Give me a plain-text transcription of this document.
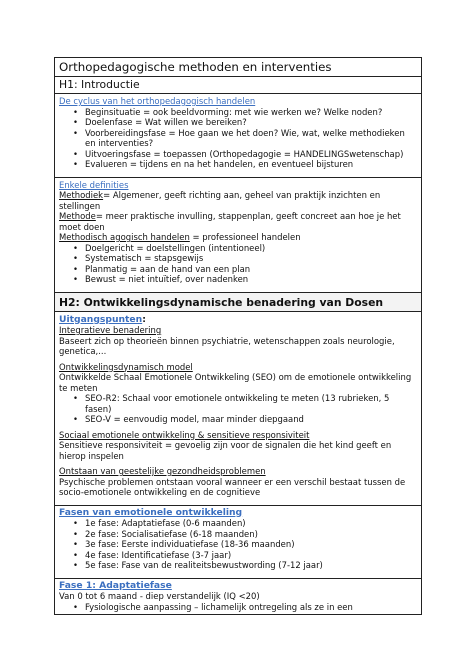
Orthopedagogische methoden en interventies
H1: Introductie
De cyclus van het orthopedagogisch handelen
• Beginsituatie = ook beeldvorming: met wie werken we? Welke noden?
• Doelenfase = Wat willen we bereiken?
• Voorbereidingsfase = Hoe gaan we het doen? Wie, wat, welke methodieken en interventies?
• Uitvoeringsfase = toepassen (Orthopedagogie = HANDELINGSwetenschap)
• Evalueren = tijdens en na het handelen, en eventueel bijsturen
Enkele definities
Methodiek= Algemener, geeft richting aan, geheel van praktijk inzichten en stellingen
Methode= meer praktische invulling, stappenplan, geeft concreet aan hoe je het moet doen
Methodisch agogisch handelen = professioneel handelen
• Doelgericht = doelstellingen (intentioneel)
• Systematisch = stapsgewijs
• Planmatig = aan de hand van een plan
• Bewust = niet intuïtief, over nadenken
H2: Ontwikkelingsdynamische benadering van Dosen
Uitgangspunten:
Integratieve benadering
Baseert zich op theorieën binnen psychiatrie, wetenschappen zoals neurologie, genetica,...
Ontwikkelingsdynamisch model
Ontwikkelde Schaal Emotionele Ontwikkeling (SEO) om de emotionele ontwikkeling te meten
• SEO-R2: Schaal voor emotionele ontwikkeling te meten (13 rubrieken, 5 fasen)
• SEO-V = eenvoudig model, maar minder diepgaand
Sociaal emotionele ontwikkeling & sensitieve responsiviteit
Sensitieve responsiviteit = gevoelig zijn voor de signalen die het kind geeft en hierop inspelen
Ontstaan van geestelijke gezondheidsproblemen
Psychische problemen ontstaan vooral wanneer er een verschil bestaat tussen de socio-emotionele ontwikkeling en de cognitieve
Fasen van emotionele ontwikkeling
• 1e fase: Adaptatiefase (0-6 maanden)
• 2e fase: Socialisatiefase (6-18 maanden)
• 3e fase: Eerste individuatiefase (18-36 maanden)
• 4e fase: Identificatiefase (3-7 jaar)
• 5e fase: Fase van de realiteitsbewustwording (7-12 jaar)
Fase 1: Adaptatiefase
Van 0 tot 6 maand - diep verstandelijk (IQ <20)
• Fysiologische aanpassing – lichamelijk ontregeling als ze in een
